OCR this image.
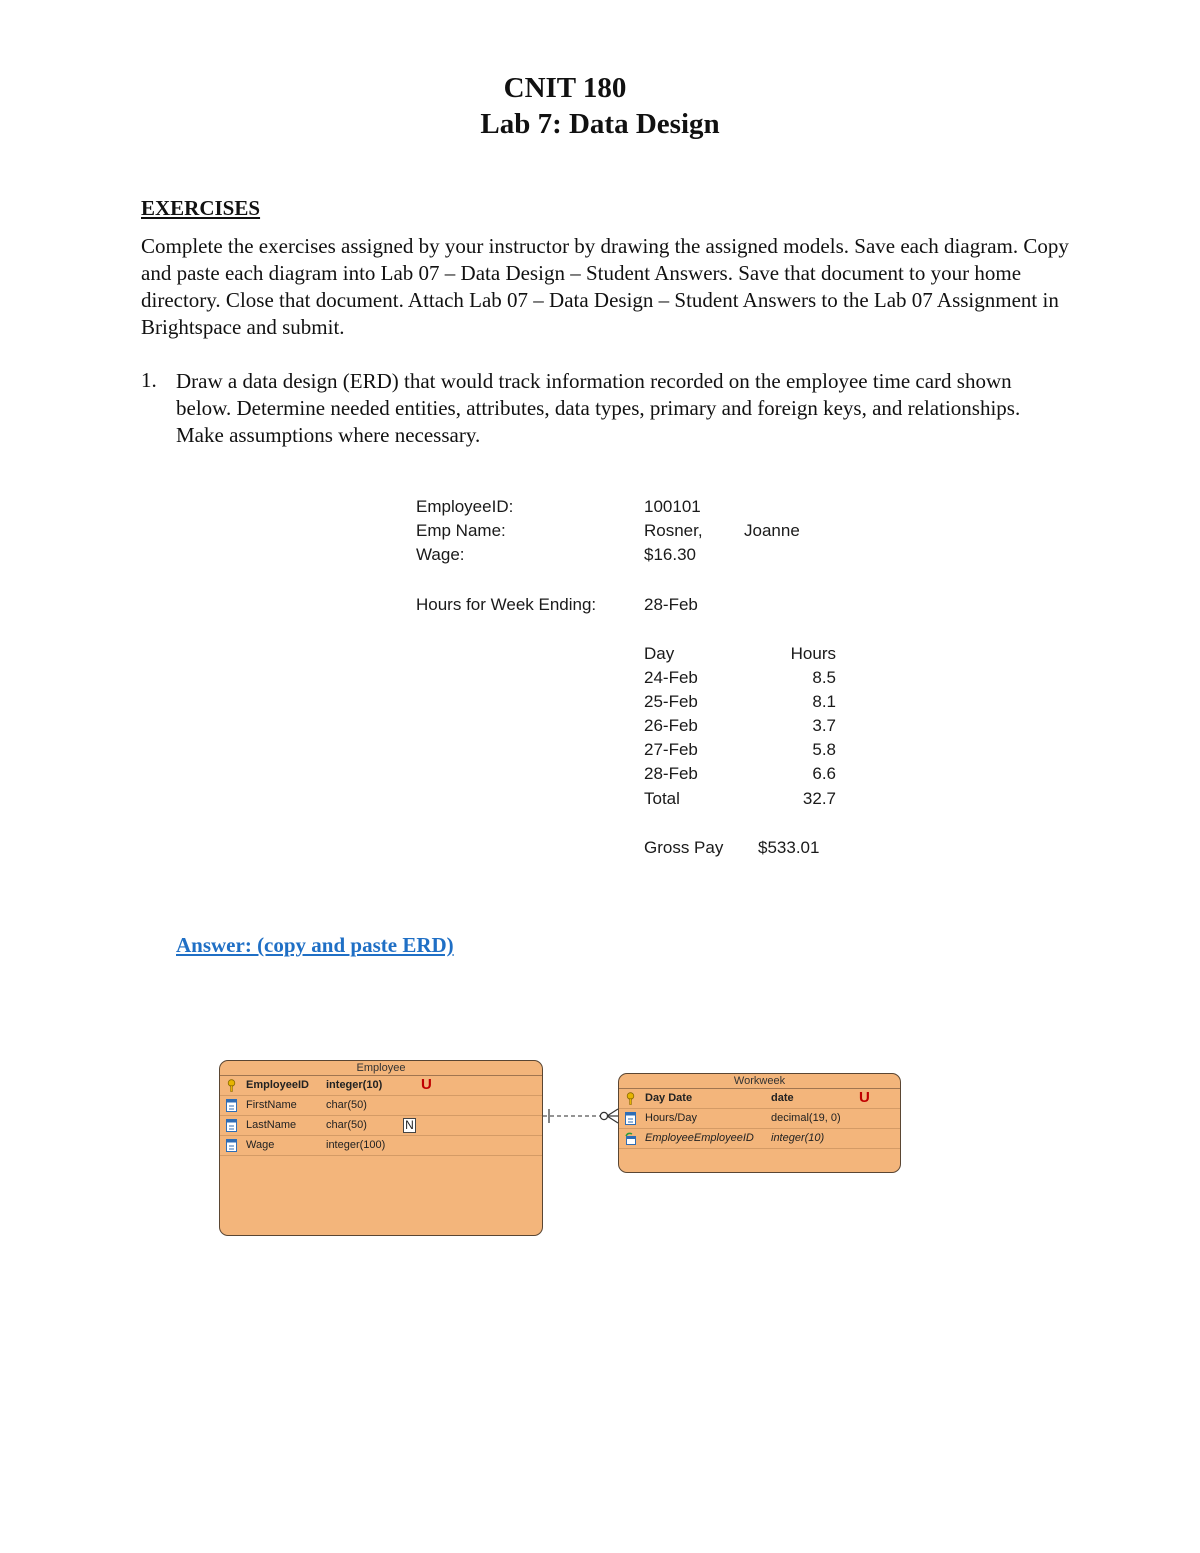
CNIT 180
Lab 7: Data Design
EXERCISES
Complete the exercises assigned by your instructor by drawing the assigned models. Save each diagram. Copy and paste each diagram into Lab 07 – Data Design – Student Answers. Save that document to your home directory. Close that document. Attach Lab 07 – Data Design – Student Answers to the Lab 07 Assignment in Brightspace and submit.
1. Draw a data design (ERD) that would track information recorded on the employee time card shown below. Determine needed entities, attributes, data types, primary and foreign keys, and relationships. Make assumptions where necessary.
EmployeeID:	100101
Emp Name:	Rosner, Joanne
Wage:	$16.30
Hours for Week Ending:	28-Feb
Day	Hours
24-Feb	8.5
25-Feb	8.1
26-Feb	3.7
27-Feb	5.8
28-Feb	6.6
Total	32.7
Gross Pay $533.01
Answer: (copy and paste ERD)
Employee
EmployeeID integer(10)	U
FirstName	char(50)
LastName	char(50)	N
Wage	integer(100)
Workweek
Day Date	date	U
Hours/Day	decimal(19, 0)
EmployeeEmployeeID integer(10)
